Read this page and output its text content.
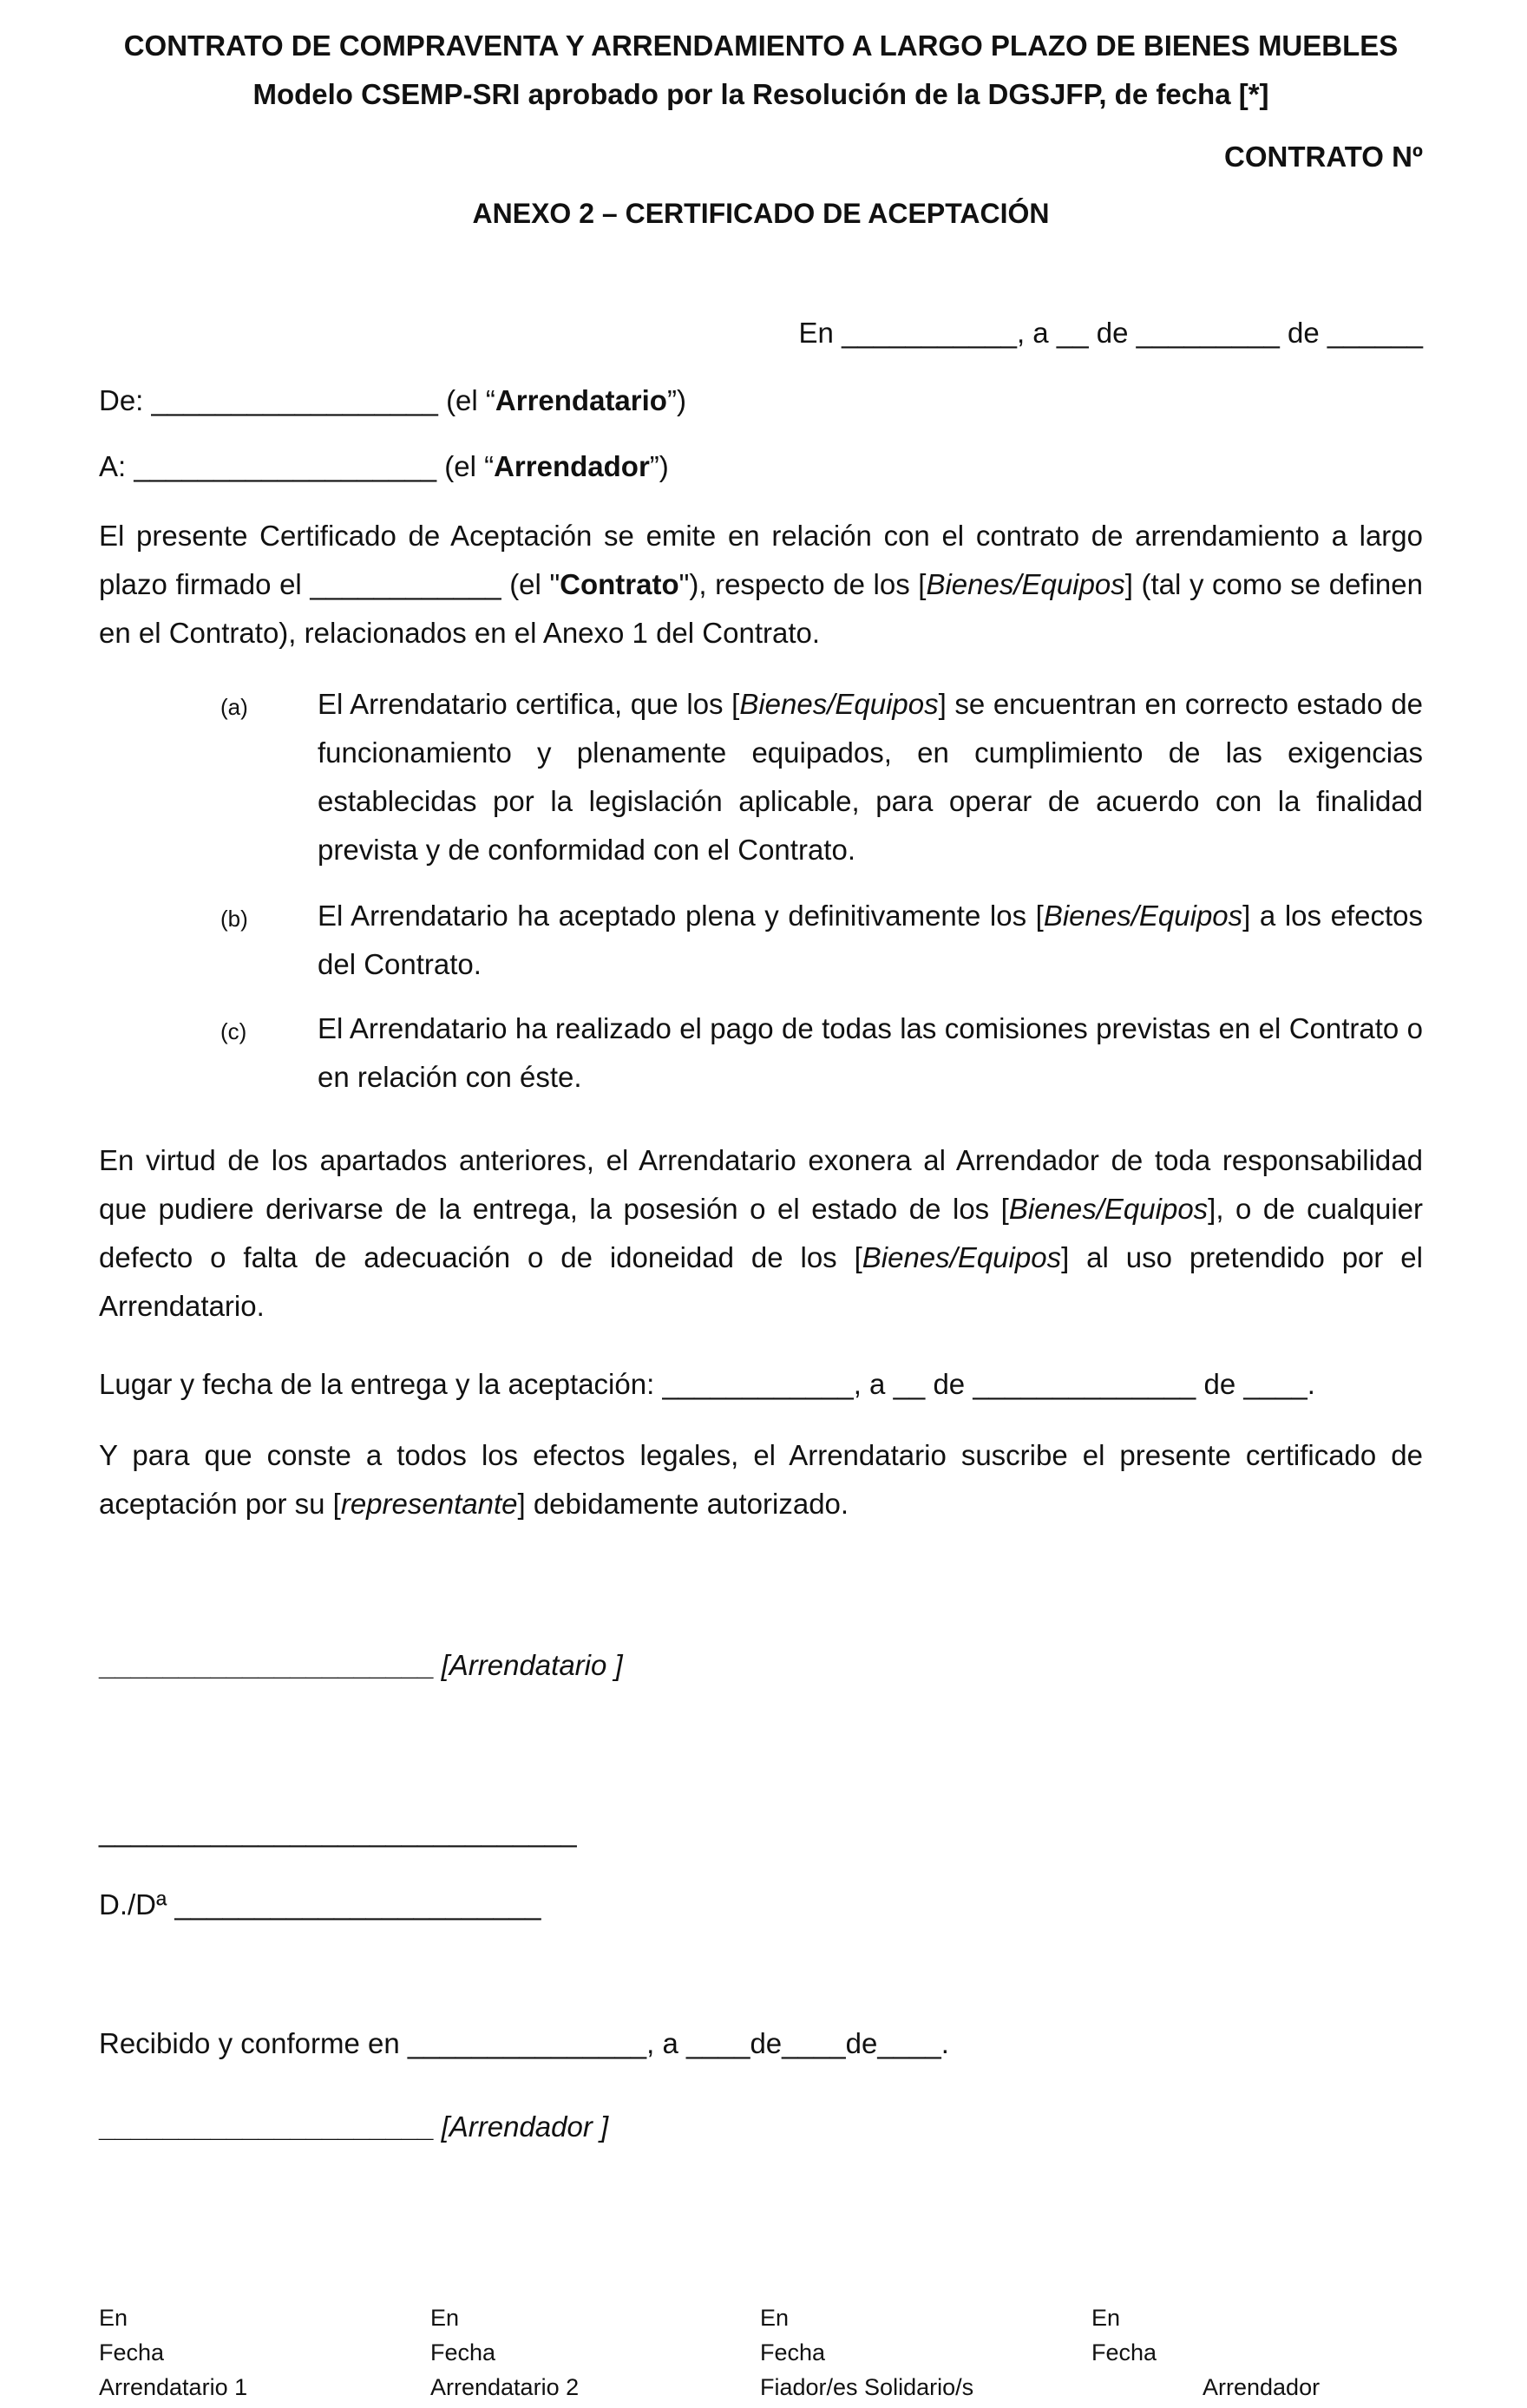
CONTRATO DE COMPRAVENTA Y ARRENDAMIENTO A LARGO PLAZO DE BIENES MUEBLES
Modelo CSEMP-SRI aprobado por la Resolución de la DGSJFP, de fecha [*]
CONTRATO Nº
ANEXO 2 – CERTIFICADO DE ACEPTACIÓN
En ___________, a __ de _________ de ______
De: __________________ (el “Arrendatario”)
A: ___________________ (el “Arrendador”)
El presente Certificado de Aceptación se emite en relación con el contrato de arrendamiento a largo plazo firmado el ____________ (el "Contrato"), respecto de los [Bienes/Equipos] (tal y como se definen en el Contrato), relacionados en el Anexo 1 del Contrato.
(a) El Arrendatario certifica, que los [Bienes/Equipos] se encuentran en correcto estado de funcionamiento y plenamente equipados, en cumplimiento de las exigencias establecidas por la legislación aplicable, para operar de acuerdo con la finalidad prevista y de conformidad con el Contrato.
(b) El Arrendatario ha aceptado plena y definitivamente los [Bienes/Equipos] a los efectos del Contrato.
(c) El Arrendatario ha realizado el pago de todas las comisiones previstas en el Contrato o en relación con éste.
En virtud de los apartados anteriores, el Arrendatario exonera al Arrendador de toda responsabilidad que pudiere derivarse de la entrega, la posesión o el estado de los [Bienes/Equipos], o de cualquier defecto o falta de adecuación o de idoneidad de los [Bienes/Equipos] al uso pretendido por el Arrendatario.
Lugar y fecha de la entrega y la aceptación: ____________, a __ de ______________ de ____.
Y para que conste a todos los efectos legales, el Arrendatario suscribe el presente certificado de aceptación por su [representante] debidamente autorizado.
_____________________ [Arrendatario ]
______________________________
D./Dª _______________________
Recibido y conforme en _______________, a ____de____de____.
_____________________ [Arrendador ]
En
Fecha
Arrendatario 1
En
Fecha
Arrendatario 2
En
Fecha
Fiador/es Solidario/s
En
Fecha
Arrendador
